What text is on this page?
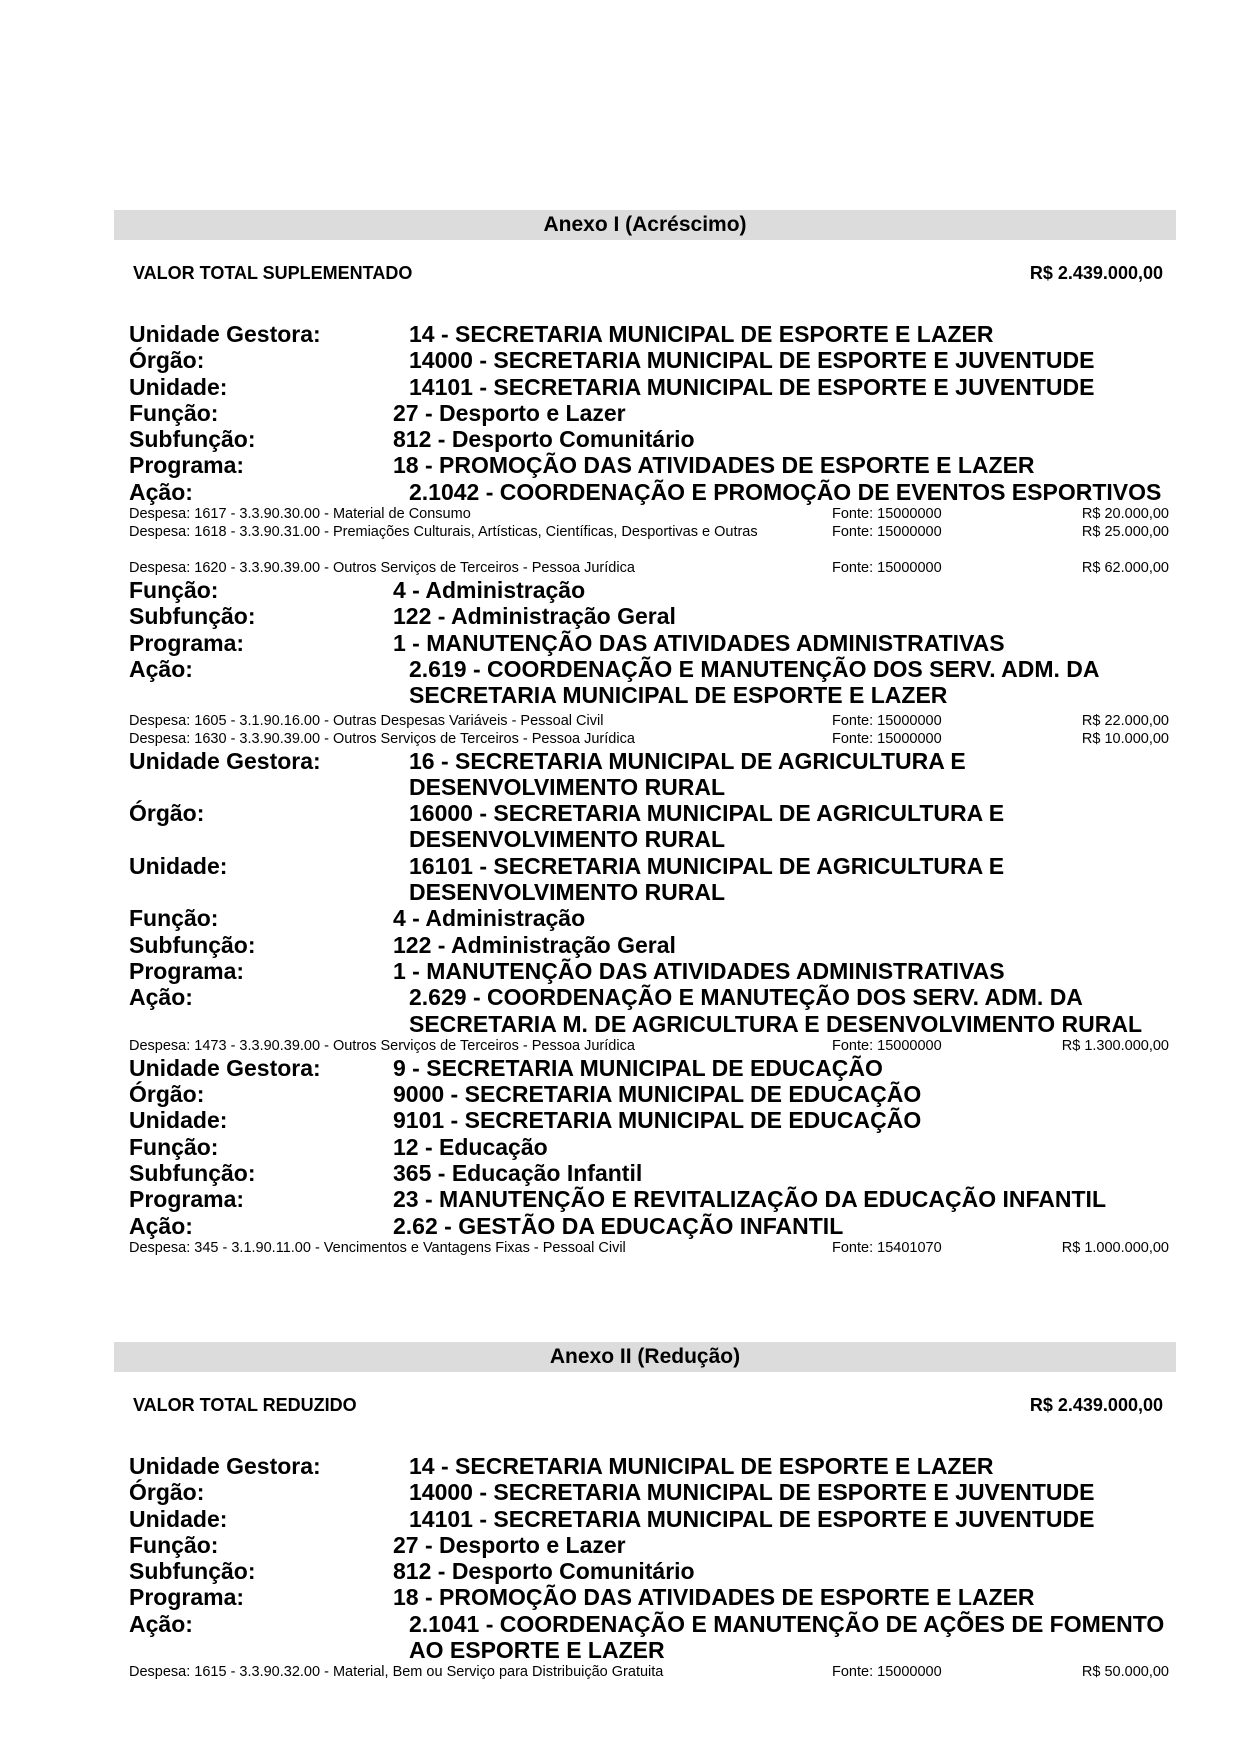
Anexo I (Acréscimo)
VALOR TOTAL SUPLEMENTADO	R$ 2.439.000,00
Unidade Gestora:	14 - SECRETARIA MUNICIPAL DE ESPORTE E LAZER
Órgão:	14000 - SECRETARIA MUNICIPAL DE ESPORTE E JUVENTUDE
Unidade:	14101 - SECRETARIA MUNICIPAL DE ESPORTE E JUVENTUDE
Função:	27 - Desporto e Lazer
Subfunção:	812 - Desporto Comunitário
Programa:	18 - PROMOÇÃO DAS ATIVIDADES DE ESPORTE E LAZER
Ação:	2.1042 - COORDENAÇÃO E PROMOÇÃO DE EVENTOS ESPORTIVOS
Despesa: 1617 - 3.3.90.30.00 - Material de Consumo	Fonte: 15000000	R$ 20.000,00
Despesa: 1618 - 3.3.90.31.00 - Premiações Culturais, Artísticas, Científicas, Desportivas e Outras	Fonte: 15000000	R$ 25.000,00
Despesa: 1620 - 3.3.90.39.00 - Outros Serviços de Terceiros - Pessoa Jurídica	Fonte: 15000000	R$ 62.000,00
Função:	4 - Administração
Subfunção:	122 - Administração Geral
Programa:	1 - MANUTENÇÃO DAS ATIVIDADES ADMINISTRATIVAS
Ação:	2.619 - COORDENAÇÃO E MANUTENÇÃO DOS SERV. ADM. DA SECRETARIA MUNICIPAL DE ESPORTE E LAZER
Despesa: 1605 - 3.1.90.16.00 - Outras Despesas Variáveis - Pessoal Civil	Fonte: 15000000	R$ 22.000,00
Despesa: 1630 - 3.3.90.39.00 - Outros Serviços de Terceiros - Pessoa Jurídica	Fonte: 15000000	R$ 10.000,00
Unidade Gestora:	16 - SECRETARIA MUNICIPAL DE AGRICULTURA E DESENVOLVIMENTO RURAL
Órgão:	16000 - SECRETARIA MUNICIPAL DE AGRICULTURA E DESENVOLVIMENTO RURAL
Unidade:	16101 - SECRETARIA MUNICIPAL DE AGRICULTURA E DESENVOLVIMENTO RURAL
Função:	4 - Administração
Subfunção:	122 - Administração Geral
Programa:	1 - MANUTENÇÃO DAS ATIVIDADES ADMINISTRATIVAS
Ação:	2.629 - COORDENAÇÃO E MANUTEÇÃO DOS SERV. ADM. DA SECRETARIA M. DE AGRICULTURA E DESENVOLVIMENTO RURAL
Despesa: 1473 - 3.3.90.39.00 - Outros Serviços de Terceiros - Pessoa Jurídica	Fonte: 15000000	R$ 1.300.000,00
Unidade Gestora:	9 - SECRETARIA MUNICIPAL DE EDUCAÇÃO
Órgão:	9000 - SECRETARIA MUNICIPAL DE EDUCAÇÃO
Unidade:	9101 - SECRETARIA MUNICIPAL DE EDUCAÇÃO
Função:	12 - Educação
Subfunção:	365 - Educação Infantil
Programa:	23 - MANUTENÇÃO E REVITALIZAÇÃO DA EDUCAÇÃO INFANTIL
Ação:	2.62 - GESTÃO DA EDUCAÇÃO INFANTIL
Despesa: 345 - 3.1.90.11.00 - Vencimentos e Vantagens Fixas - Pessoal Civil	Fonte: 15401070	R$ 1.000.000,00
Anexo II (Redução)
VALOR TOTAL REDUZIDO	R$ 2.439.000,00
Unidade Gestora:	14 - SECRETARIA MUNICIPAL DE ESPORTE E LAZER
Órgão:	14000 - SECRETARIA MUNICIPAL DE ESPORTE E JUVENTUDE
Unidade:	14101 - SECRETARIA MUNICIPAL DE ESPORTE E JUVENTUDE
Função:	27 - Desporto e Lazer
Subfunção:	812 - Desporto Comunitário
Programa:	18 - PROMOÇÃO DAS ATIVIDADES DE ESPORTE E LAZER
Ação:	2.1041 - COORDENAÇÃO E MANUTENÇÃO DE AÇÕES DE FOMENTO AO ESPORTE E LAZER
Despesa: 1615 - 3.3.90.32.00 - Material, Bem ou Serviço para Distribuição Gratuita	Fonte: 15000000	R$ 50.000,00
